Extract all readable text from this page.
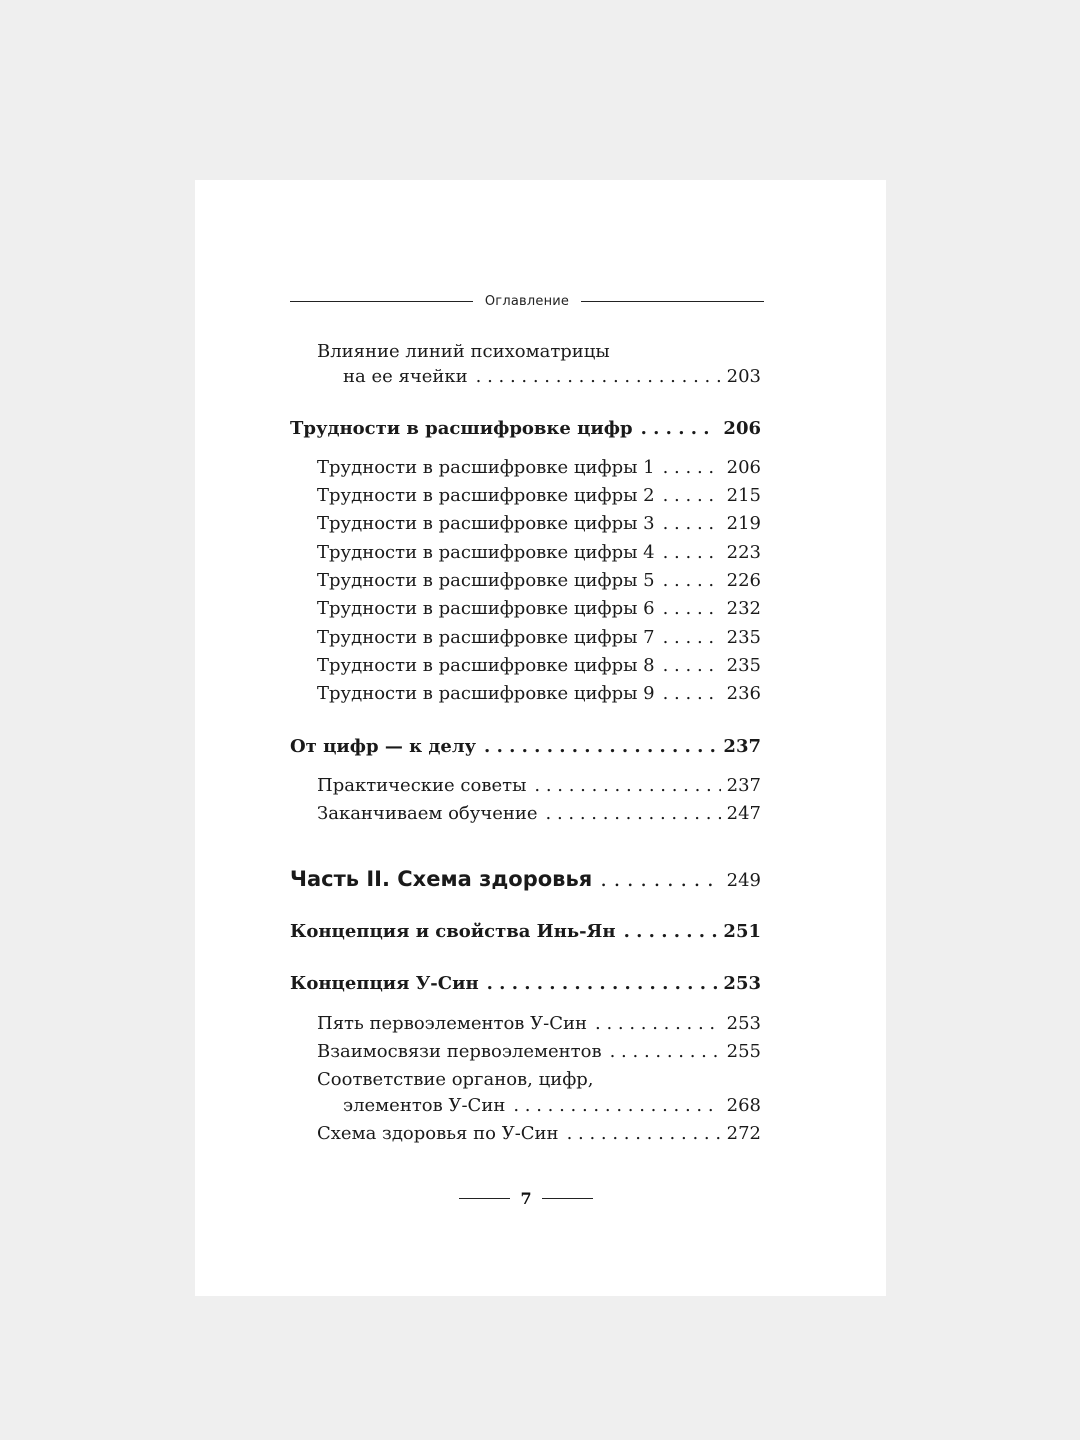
Оглавление
Влияние линий психоматрицы
на ее ячейки . . .	203
Трудности в расшифровке цифр . . .	206
Трудности в расшифровке цифры 1 . . .	206
Трудности в расшифровке цифры 2 . . .	215
Трудности в расшифровке цифры 3 . . .	219
Трудности в расшифровке цифры 4 . . .	223
Трудности в расшифровке цифры 5 . . .	226
Трудности в расшифровке цифры 6 . . .	232
Трудности в расшифровке цифры 7 . . .	235
Трудности в расшифровке цифры 8 . . .	235
Трудности в расшифровке цифры 9 . . .	236
От цифр — к делу . . .	237
Практические советы . . .	237
Заканчиваем обучение . . .	247
Часть II. Схема здоровья . . .	249
Концепция и свойства Инь-Ян . . .	251
Концепция У-Син . . .	253
Пять первоэлементов У-Син . . .	253
Взаимосвязи первоэлементов . . .	255
Соответствие органов, цифр,
элементов У-Син . . .	268
Схема здоровья по У-Син . . .	272
7
